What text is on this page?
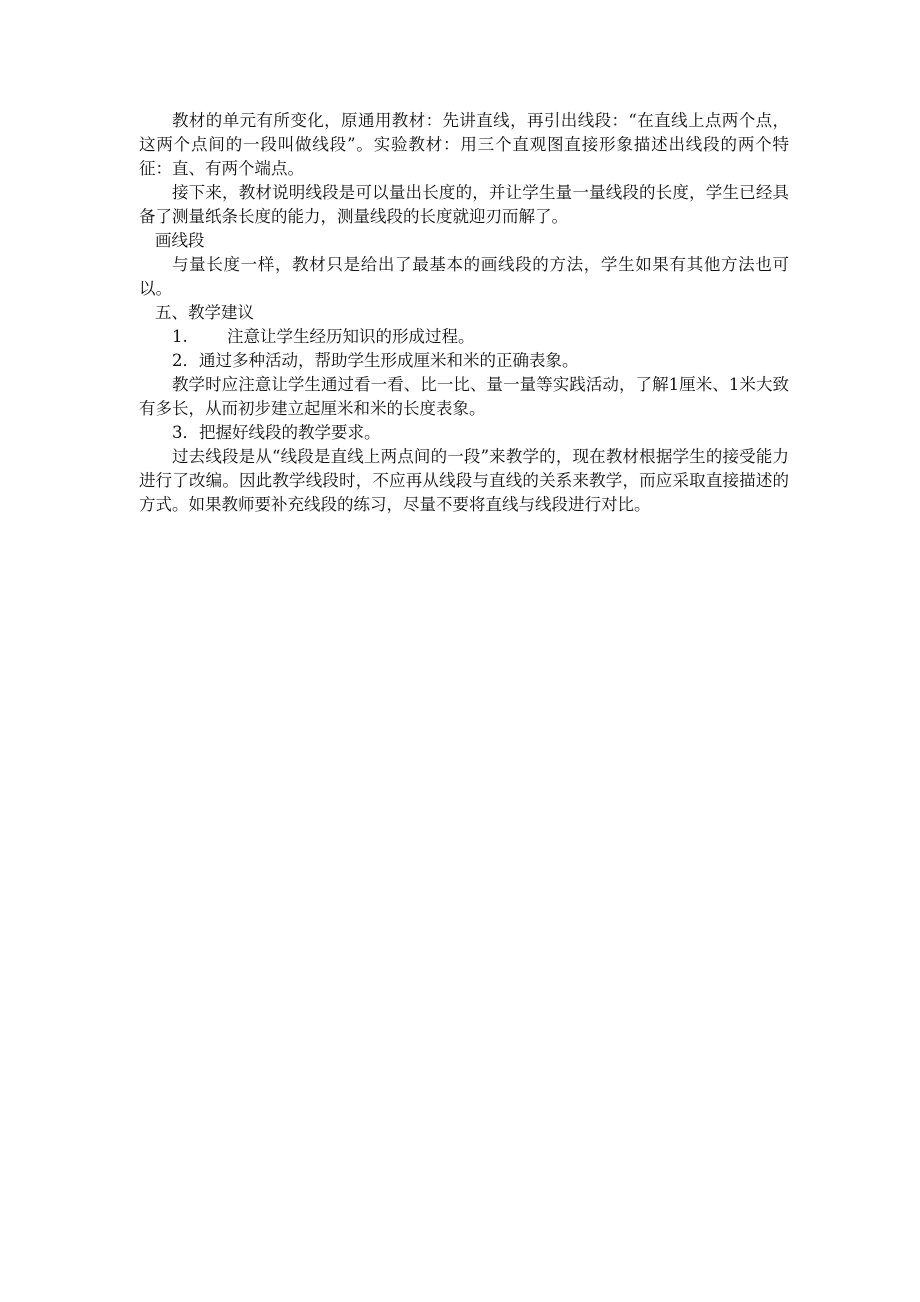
教材的单元有所变化，原通用教材：先讲直线，再引出线段：“在直线上点两个点，这两个点间的一段叫做线段”。实验教材：用三个直观图直接形象描述出线段的两个特征：直、有两个端点。

接下来，教材说明线段是可以量出长度的，并让学生量一量线段的长度，学生已经具备了测量纸条长度的能力，测量线段的长度就迎刃而解了。

画线段

与量长度一样，教材只是给出了最基本的画线段的方法，学生如果有其他方法也可以。

五、教学建议

1. 注意让学生经历知识的形成过程。

2．通过多种活动，帮助学生形成厘米和米的正确表象。

教学时应注意让学生通过看一看、比一比、量一量等实践活动，了解1厘米、1米大致有多长，从而初步建立起厘米和米的长度表象。

3．把握好线段的教学要求。

过去线段是从“线段是直线上两点间的一段”来教学的，现在教材根据学生的接受能力进行了改编。因此教学线段时，不应再从线段与直线的关系来教学，而应采取直接描述的方式。如果教师要补充线段的练习，尽量不要将直线与线段进行对比。
